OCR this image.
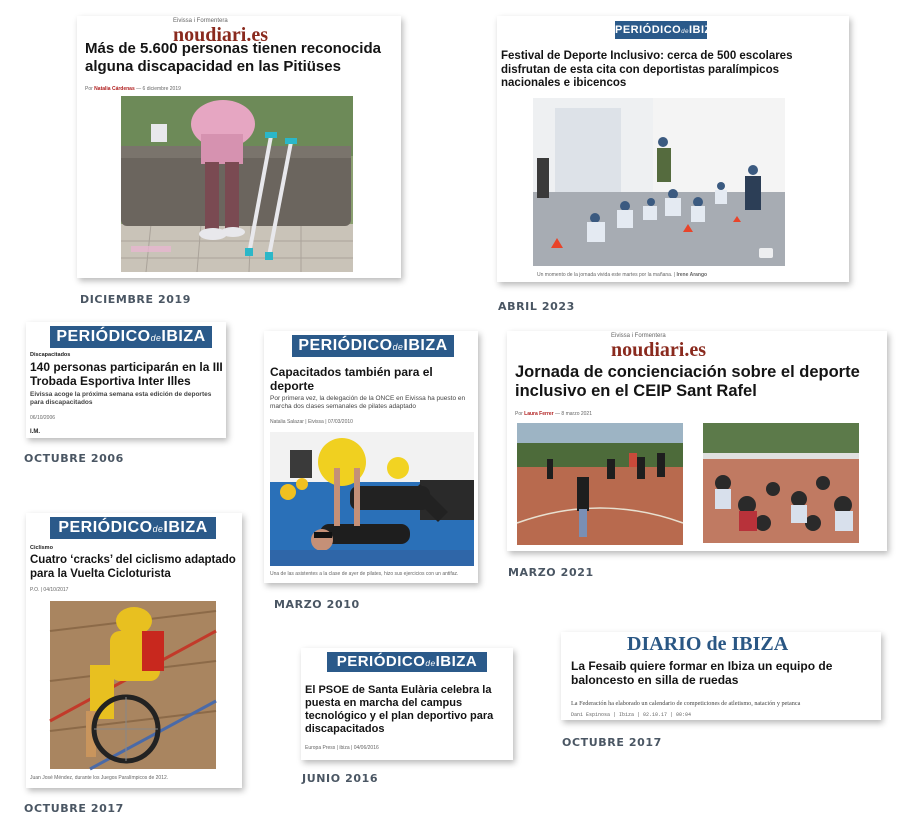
Eivissa i Formentera
noudiari.es
Más de 5.600 personas tienen reconocida alguna discapacidad en las Pitiüses
Por Natalia Cárdenas — 6 diciembre 2019
DICIEMBRE 2019
PERIÓDICOdeIBIZA
Festival de Deporte Inclusivo: cerca de 500 escolares disfrutan de esta cita con deportistas paralímpicos nacionales e ibicencos
Un momento de la jornada vivida este martes por la mañana. | Irene Arango
ABRIL 2023
PERIÓDICOdeIBIZA
Discapacitados
140 personas participarán en la III Trobada Esportiva Inter Illes
Eivissa acoge la próxima semana esta edición de deportes para discapacitados
06/10/2006
I.M.
OCTUBRE 2006
PERIÓDICOdeIBIZA
Capacitados también para el deporte
Por primera vez, la delegación de la ONCE en Eivissa ha puesto en marcha dos clases semanales de pilates adaptado
Natalia Salazar | Eivissa | 07/03/2010
Una de las asistentes a la clase de ayer de pilates, hizo sus ejercicios con un antifaz.
MARZO 2010
Eivissa i Formentera
noudiari.es
Jornada de concienciación sobre el deporte inclusivo en el CEIP Sant Rafel
Por Laura Ferrer — 8 marzo 2021
MARZO 2021
PERIÓDICOdeIBIZA
Ciclismo
Cuatro ‘cracks’ del ciclismo adaptado para la Vuelta Cicloturista
P.O. | 04/10/2017
Juan José Méndez, durante los Juegos Paralímpicos de 2012.
OCTUBRE 2017
PERIÓDICOdeIBIZA
El PSOE de Santa Eulària celebra la puesta en marcha del campus tecnológico y el plan deportivo para discapacitados
Europa Press | ibiza | 04/06/2016
JUNIO 2016
DIARIO de IBIZA
La Fesaib quiere formar en Ibiza un equipo de baloncesto en silla de ruedas
La Federación ha elaborado un calendario de competiciones de atletismo, natación y petanca
Dani Espinosa | Ibiza | 02.10.17 | 00:04
OCTUBRE 2017
